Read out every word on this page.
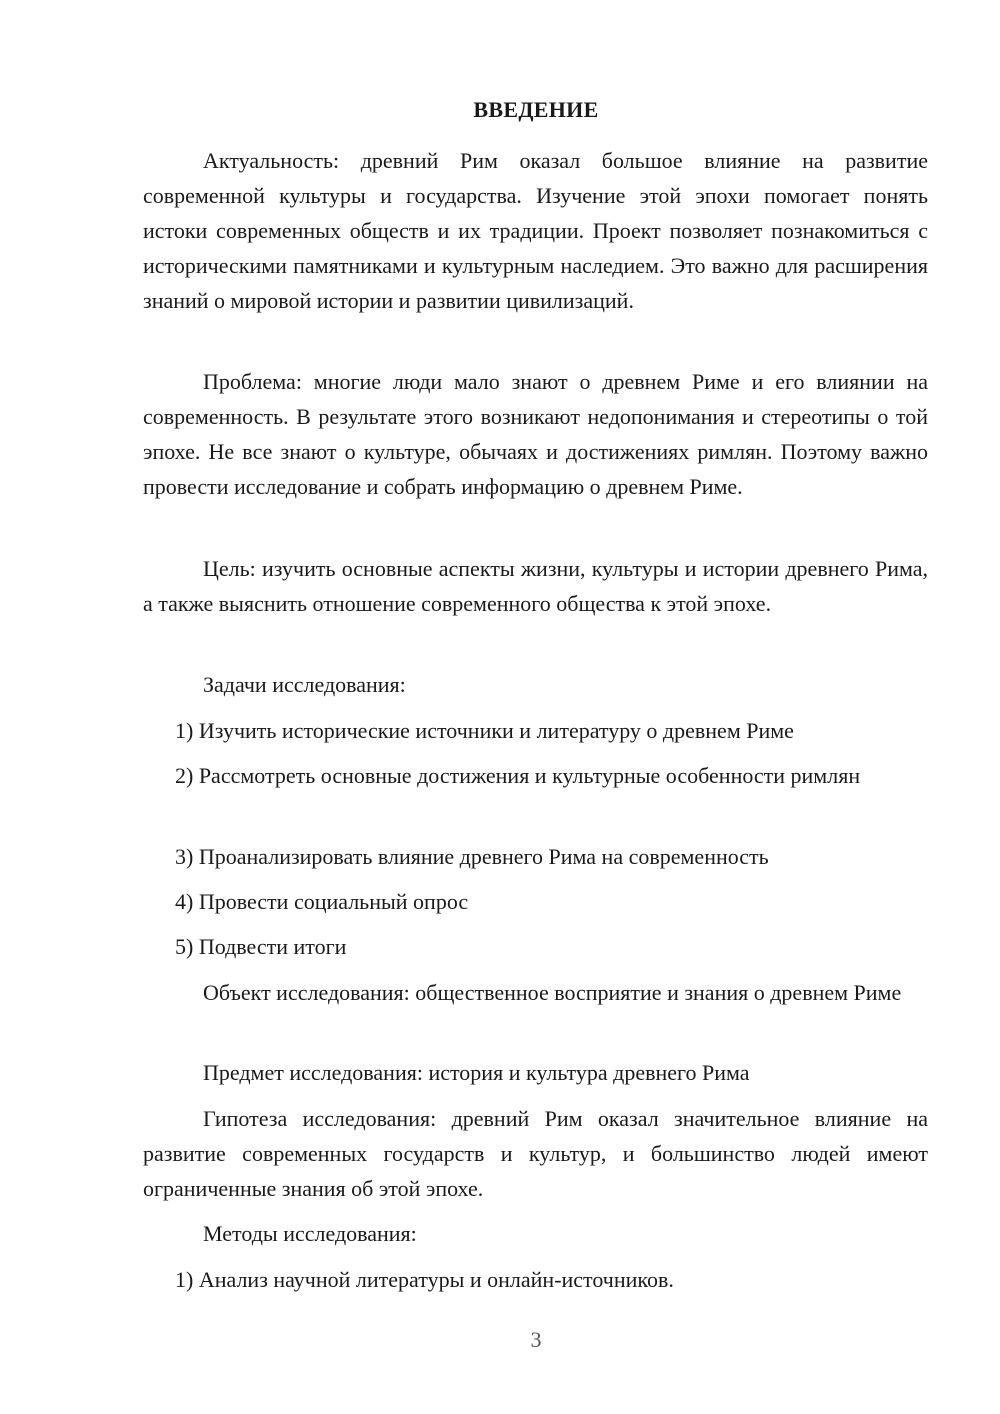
ВВЕДЕНИЕ
Актуальность: древний Рим оказал большое влияние на развитие современной культуры и государства. Изучение этой эпохи помогает понять истоки современных обществ и их традиции. Проект позволяет познакомиться с историческими памятниками и культурным наследием. Это важно для расширения знаний о мировой истории и развитии цивилизаций.
Проблема: многие люди мало знают о древнем Риме и его влиянии на современность. В результате этого возникают недопонимания и стереотипы о той эпохе. Не все знают о культуре, обычаях и достижениях римлян. Поэтому важно провести исследование и собрать информацию о древнем Риме.
Цель: изучить основные аспекты жизни, культуры и истории древнего Рима, а также выяснить отношение современного общества к этой эпохе.
Задачи исследования:
1) Изучить исторические источники и литературу о древнем Риме
2) Рассмотреть основные достижения и культурные особенности римлян
3) Проанализировать влияние древнего Рима на современность
4) Провести социальный опрос
5) Подвести итоги
Объект исследования: общественное восприятие и знания о древнем Риме
Предмет исследования: история и культура древнего Рима
Гипотеза исследования: древний Рим оказал значительное влияние на развитие современных государств и культур, и большинство людей имеют ограниченные знания об этой эпохе.
Методы исследования:
1) Анализ научной литературы и онлайн-источников.
3
